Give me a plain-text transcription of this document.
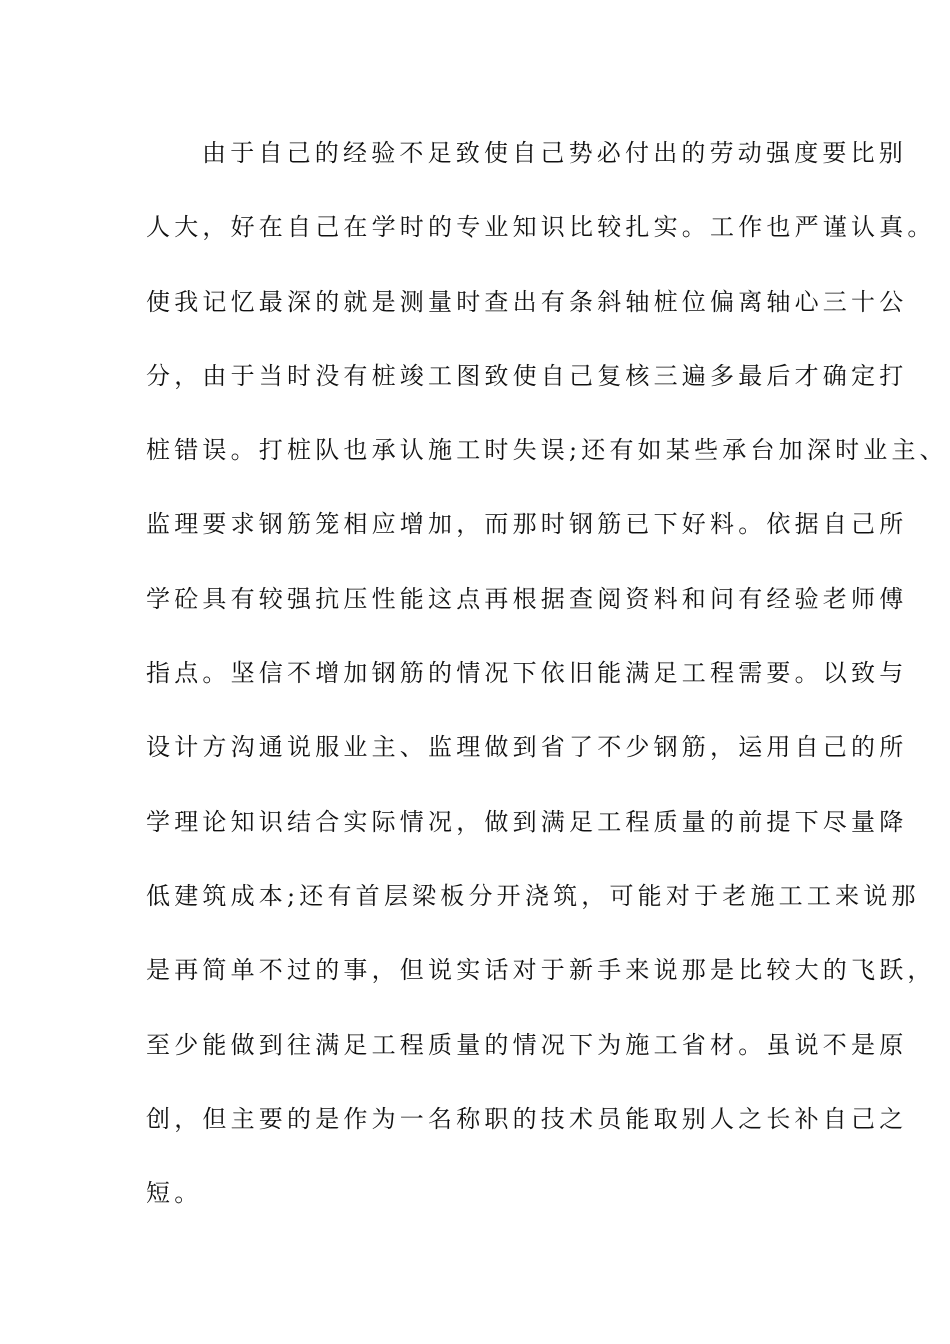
由于自己的经验不足致使自己势必付出的劳动强度要比别
人大，好在自己在学时的专业知识比较扎实。工作也严谨认真。
使我记忆最深的就是测量时查出有条斜轴桩位偏离轴心三十公
分，由于当时没有桩竣工图致使自己复核三遍多最后才确定打
桩错误。打桩队也承认施工时失误;还有如某些承台加深时业主、
监理要求钢筋笼相应增加，而那时钢筋已下好料。依据自己所
学砼具有较强抗压性能这点再根据查阅资料和问有经验老师傅
指点。坚信不增加钢筋的情况下依旧能满足工程需要。以致与
设计方沟通说服业主、监理做到省了不少钢筋，运用自己的所
学理论知识结合实际情况，做到满足工程质量的前提下尽量降
低建筑成本;还有首层梁板分开浇筑，可能对于老施工工来说那
是再简单不过的事，但说实话对于新手来说那是比较大的飞跃，
至少能做到往满足工程质量的情况下为施工省材。虽说不是原
创，但主要的是作为一名称职的技术员能取别人之长补自己之
短。
